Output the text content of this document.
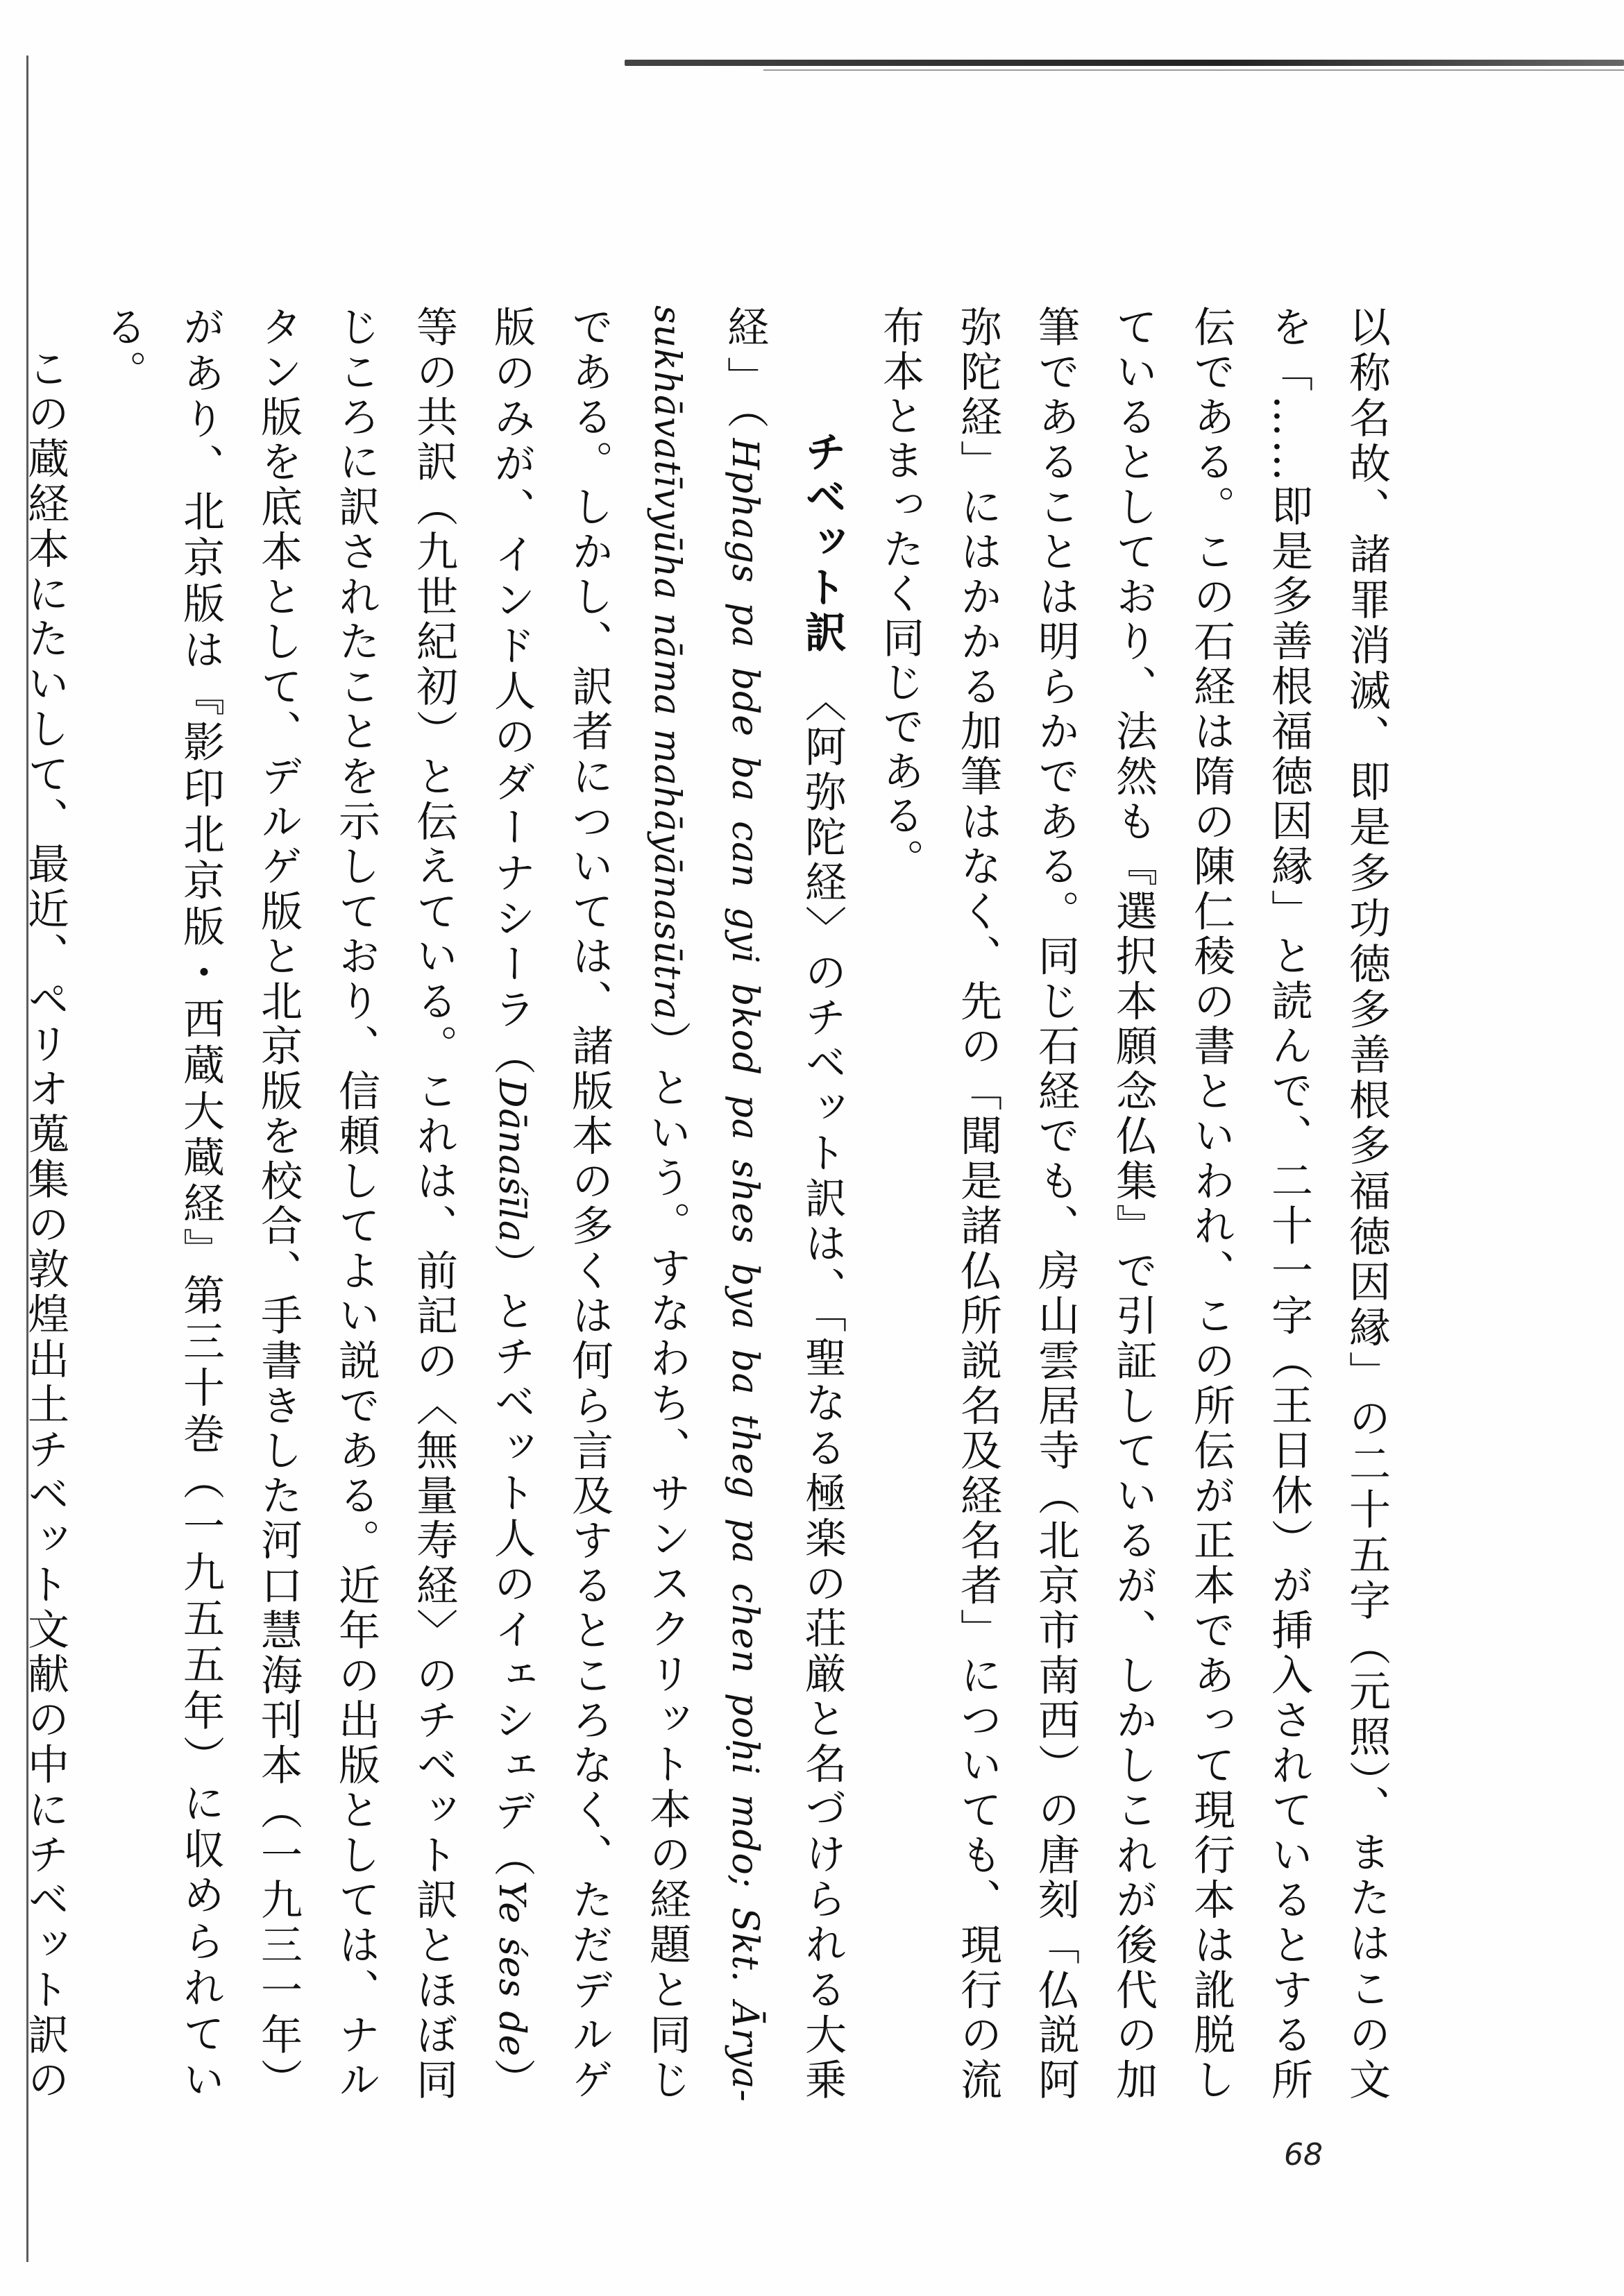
以称名故、諸罪消滅、即是多功徳多善根多福徳因縁」の二十五字（元照）、またはこの文を「……即是多善根福徳因縁」と読んで、二十一字（王日休）が挿入されているとする所伝である。この石経は隋の陳仁稜の書といわれ、この所伝が正本であって現行本は訛脱しているとしており、法然も『選択本願念仏集』で引証しているが、しかしこれが後代の加筆であることは明らかである。同じ石経でも、房山雲居寺（北京市南西）の唐刻「仏説阿弥陀経」にはかかる加筆はなく、先の「聞是諸仏所説名及経名者」についても、現行の流布本とまったく同じである。

チベット訳　〈阿弥陀経〉のチベット訳は、「聖なる極楽の荘厳と名づけられる大乗経」（Hphags pa bde ba can gyi bkod pa shes bya ba theg pa chen poḥi mdo; Skt. Ārya-sukhāvatīvyūha nāma mahāyānasūtra）という。すなわち、サンスクリット本の経題と同じである。しかし、訳者については、諸版本の多くは何ら言及するところなく、ただデルゲ版のみが、インド人のダーナシーラ（Dānaśīla）とチベット人のイェシェデ（Ye śes de）等の共訳（九世紀初）と伝えている。これは、前記の〈無量寿経〉のチベット訳とほぼ同じころに訳されたことを示しており、信頼してよい説である。近年の出版としては、ナルタン版を底本として、デルゲ版と北京版を校合、手書きした河口慧海刊本（一九三一年）があり、北京版は『影印北京版・西蔵大蔵経』第三十巻（一九五五年）に収められている。

この蔵経本にたいして、最近、ペリオ蒐集の敦煌出土チベット文献の中にチベット訳の

68
